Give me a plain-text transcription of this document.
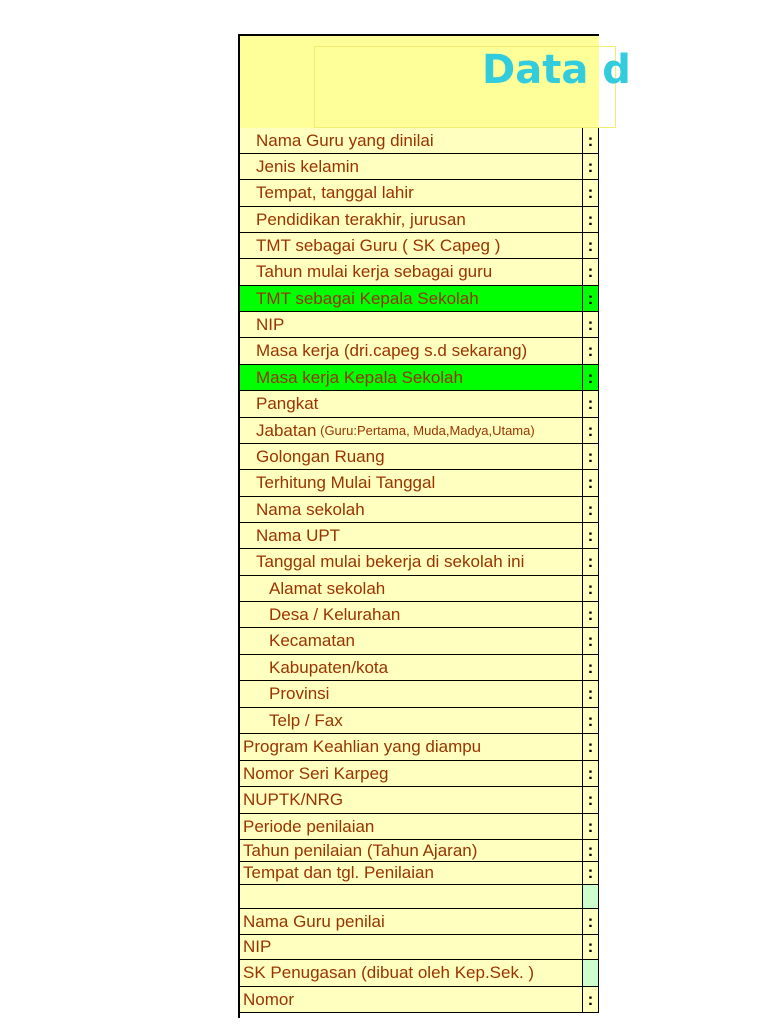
Data d
Nama Guru yang dinilai	:
Jenis kelamin	:
Tempat, tanggal lahir	:
Pendidikan terakhir, jurusan	:
TMT sebagai Guru ( SK Capeg )	:
Tahun mulai kerja sebagai guru	:
TMT sebagai Kepala Sekolah	:
NIP	:
Masa kerja (dri.capeg s.d sekarang)	:
Masa kerja Kepala Sekolah	:
Pangkat	:
Jabatan (Guru:Pertama, Muda,Madya,Utama)	:
Golongan Ruang	:
Terhitung Mulai Tanggal	:
Nama sekolah	:
Nama UPT	:
Tanggal mulai bekerja di sekolah ini	:
Alamat sekolah	:
Desa / Kelurahan	:
Kecamatan	:
Kabupaten/kota	:
Provinsi	:
Telp / Fax	:
Program Keahlian yang diampu	:
Nomor Seri Karpeg	:
NUPTK/NRG	:
Periode penilaian	:
Tahun penilaian (Tahun Ajaran)	:
Tempat dan tgl. Penilaian	:
Nama Guru penilai	:
NIP	:
SK Penugasan (dibuat oleh Kep.Sek. )
Nomor	:
